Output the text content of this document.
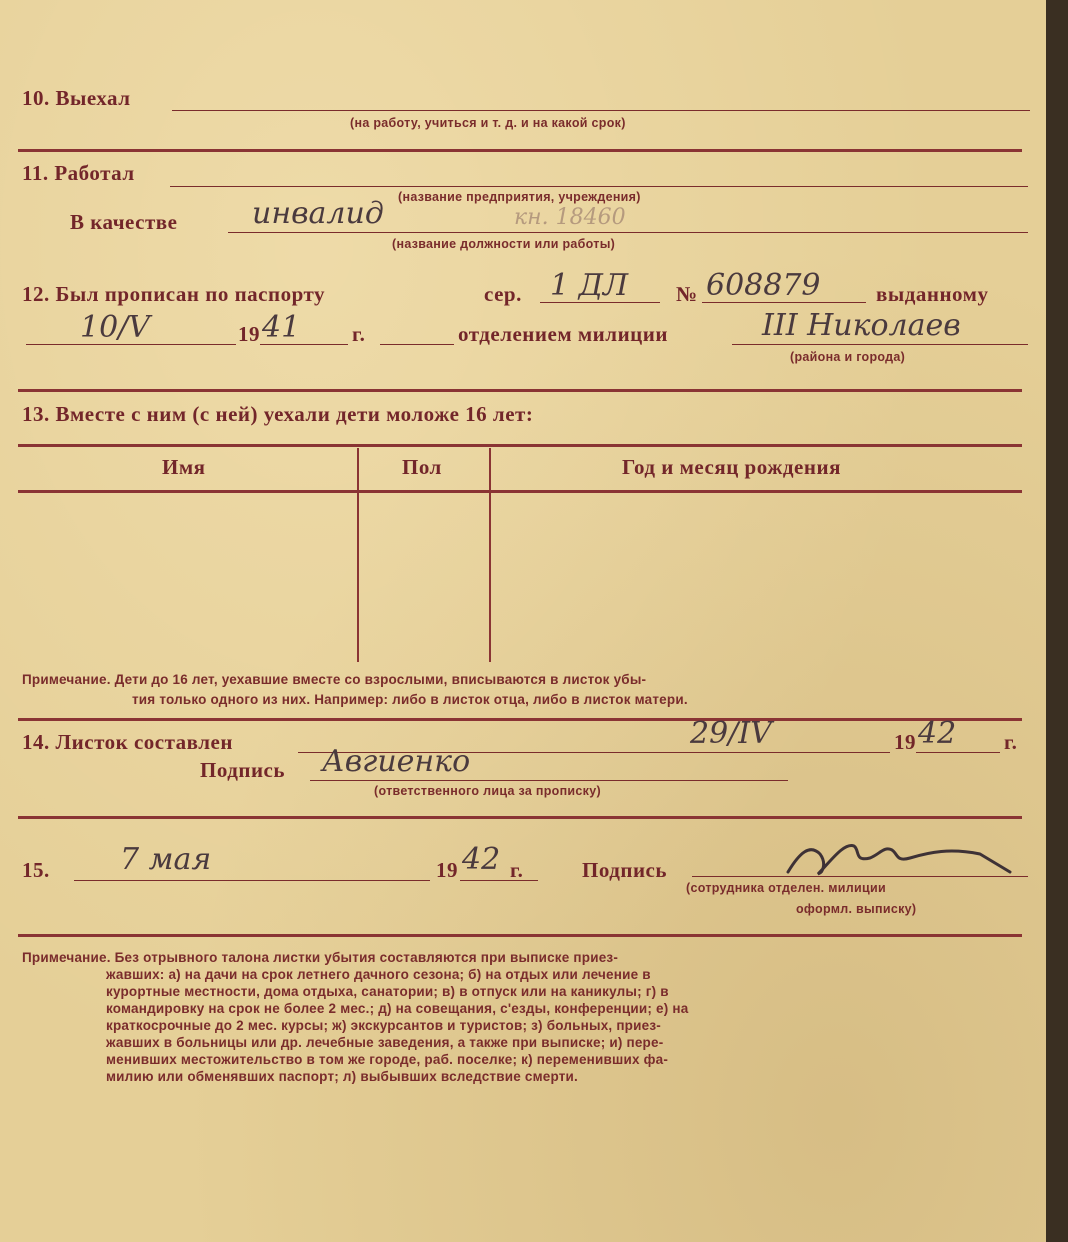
10. Выехал
(на работу, учиться и т. д. и на какой срок)
11. Работал
(название предприятия, учреждения)
В качестве инвалид	кн. 18460
(название должности или работы)
12. Был прописан по паспорту	сер. 1 ДЛ № 608879	выданному
10/V	19 41 г.	отделением милиции	III Николаев
(района и города)
13. Вместе с ним (с ней) уехали дети моложе 16 лет:
Имя	Пол	Год и месяц рождения
Примечание. Дети до 16 лет, уехавшие вместе со взрослыми, вписываются в листок убы-
тия только одного из них. Например: либо в листок отца, либо в листок матери.
14. Листок составлен	29/IV	19 42 г.
Подпись Авгиенко
(ответственного лица за прописку)
15. 7 мая	19 42 г.	Подпись
(сотрудника отделен. милиции
оформл. выписку)
Примечание. Без отрывного талона листки убытия составляются при выписке приез-
жавших: а) на дачи на срок летнего дачного сезона; б) на отдых или лечение в
курортные местности, дома отдыха, санатории; в) в отпуск или на каникулы; г) в
командировку на срок не более 2 мес.; д) на совещания, с'езды, конференции; е) на
краткосрочные до 2 мес. курсы; ж) экскурсантов и туристов; з) больных, приез-
жавших в больницы или др. лечебные заведения, а также при выписке; и) пере-
менивших местожительство в том же городе, раб. поселке; к) переменивших фа-
милию или обменявших паспорт; л) выбывших вследствие смерти.
